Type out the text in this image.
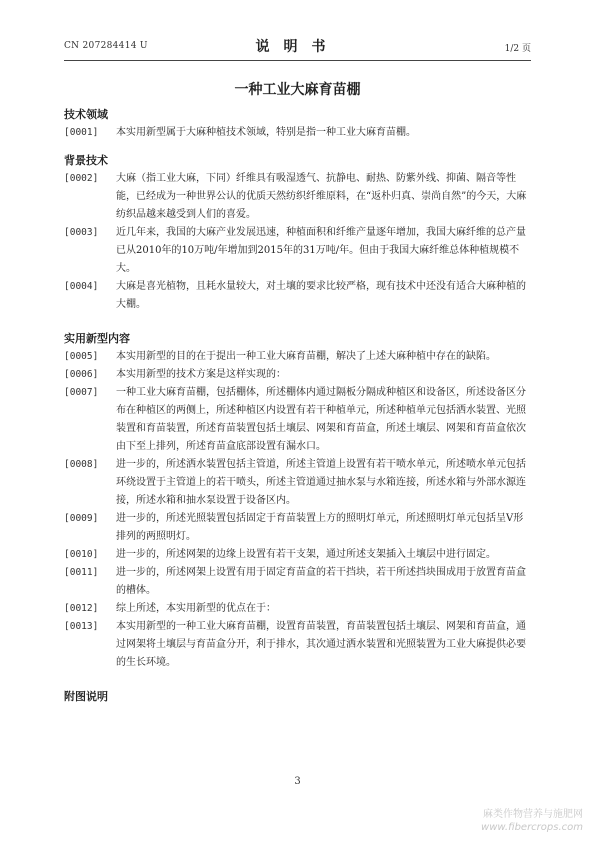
CN 207284414 U	说明书	1/2 页
一种工业大麻育苗棚
技术领域
[0001] 本实用新型属于大麻种植技术领域，特别是指一种工业大麻育苗棚。
背景技术
[0002] 大麻（指工业大麻，下同）纤维具有吸湿透气、抗静电、耐热、防紫外线、抑菌、隔音等性能，已经成为一种世界公认的优质天然纺织纤维原料，在“返朴归真、崇尚自然”的今天，大麻纺织品越来越受到人们的喜爱。
[0003] 近几年来，我国的大麻产业发展迅速，种植面积和纤维产量逐年增加，我国大麻纤维的总产量已从2010年的10万吨/年增加到2015年的31万吨/年。但由于我国大麻纤维总体种植规模不大。
[0004] 大麻是喜光植物，且耗水量较大，对土壤的要求比较严格，现有技术中还没有适合大麻种植的大棚。
实用新型内容
[0005] 本实用新型的目的在于提出一种工业大麻育苗棚，解决了上述大麻种植中存在的缺陷。
[0006] 本实用新型的技术方案是这样实现的：
[0007] 一种工业大麻育苗棚，包括棚体，所述棚体内通过隔板分隔成种植区和设备区，所述设备区分布在种植区的两侧上，所述种植区内设置有若干种植单元，所述种植单元包括洒水装置、光照装置和育苗装置，所述育苗装置包括土壤层、网架和育苗盒，所述土壤层、网架和育苗盒依次由下至上排列，所述育苗盒底部设置有漏水口。
[0008] 进一步的，所述洒水装置包括主管道，所述主管道上设置有若干喷水单元，所述喷水单元包括环绕设置于主管道上的若干喷头，所述主管道通过抽水泵与水箱连接，所述水箱与外部水源连接，所述水箱和抽水泵设置于设备区内。
[0009] 进一步的，所述光照装置包括固定于育苗装置上方的照明灯单元，所述照明灯单元包括呈V形排列的两照明灯。
[0010] 进一步的，所述网架的边缘上设置有若干支架，通过所述支架插入土壤层中进行固定。
[0011] 进一步的，所述网架上设置有用于固定育苗盒的若干挡块，若干所述挡块围成用于放置育苗盒的槽体。
[0012] 综上所述，本实用新型的优点在于：
[0013] 本实用新型的一种工业大麻育苗棚，设置育苗装置，育苗装置包括土壤层、网架和育苗盒，通过网架将土壤层与育苗盒分开，利于排水，其次通过洒水装置和光照装置为工业大麻提供必要的生长环境。
附图说明
3
麻类作物营养与施肥网
www.fibercrops.com
